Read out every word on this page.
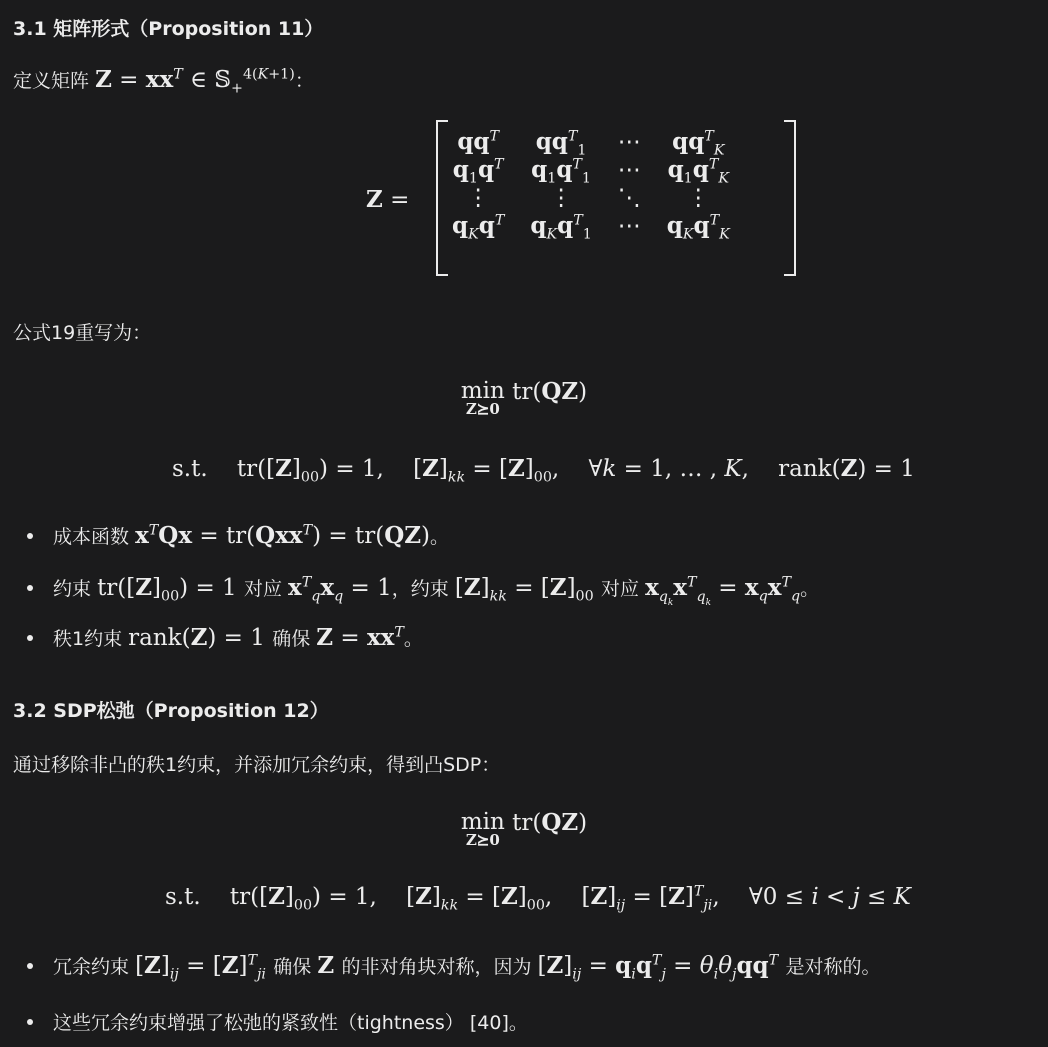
3.1 矩阵形式（Proposition 11）
定义矩阵 $Z = xx^T$ ∈ 𝕊$_+^{4(K+1)}$：
Z =
$qq^T$ $qq^T_1$ ⋯ $qq^T_K$
$q_1q^T$ $q_1q^T_1$ ⋯ $q_1q^T_K$
⋮	⋮	⋱	⋮
$q_Kq^T$ $q_Kq^T_1$ ⋯ $q_Kq^T_K$
公式19重写为：
min
Z⪰0
tr(QZ)
s.t.    $tr([Z]_{00}) = 1$,    $[Z]_{kk} = [Z]_{00}$,    ∀k = 1, … , K,    rank(Z) = 1
成本函数 $x^TQx = tr(Qxx^T) = tr(QZ)$。
约束 $tr([Z]_{00}) = 1$ 对应 $x^T_qx_q = 1$，约束 $[Z]_{kk} = [Z]_{00}$ 对应 $x_{q_k}x^T_{q_k} = x_qx^T_q$。
秩1约束 rank(Z) = 1 确保 $Z = xx^T$。
3.2 SDP松弛（Proposition 12）
通过移除非凸的秩1约束，并添加冗余约束，得到凸SDP：
min
Z⪰0
tr(QZ)
s.t.    $tr([Z]_{00}) = 1$,    $[Z]_{kk} = [Z]_{00}$,    $[Z]_{ij} = [Z]^T_{ji}$,    ∀0 ≤ i < j ≤ K
冗余约束 $[Z]_{ij} = [Z]^T_{ji}$ 确保 Z 的非对角块对称，因为 $[Z]_{ij} = q_iq^T_j = \theta_i\theta_jqq^T$ 是对称的。
这些冗余约束增强了松弛的紧致性（tightness） [40]。
